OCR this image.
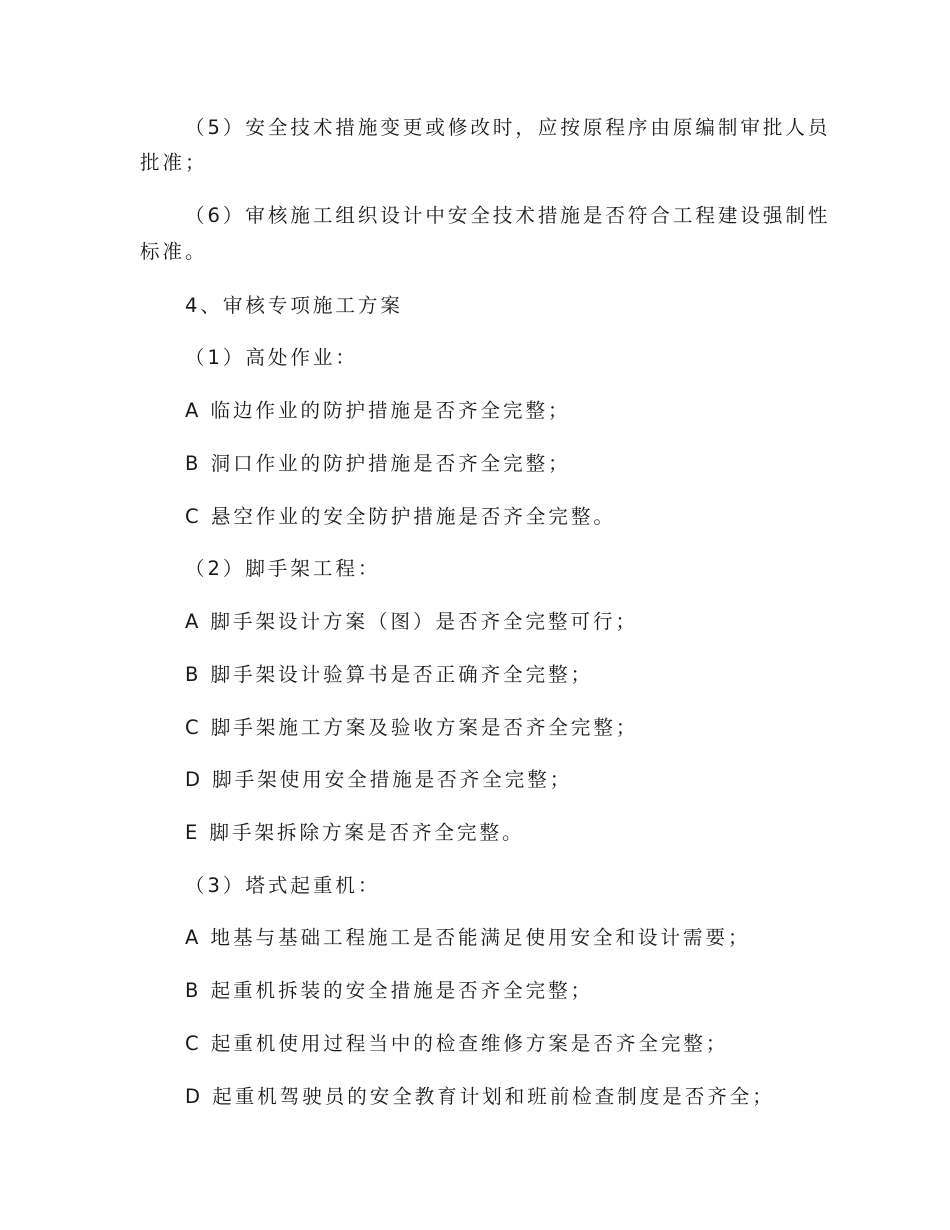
（5）安全技术措施变更或修改时，应按原程序由原编制审批人员
批准；
（6）审核施工组织设计中安全技术措施是否符合工程建设强制性
标准。
4、审核专项施工方案
（1）高处作业：
A 临边作业的防护措施是否齐全完整；
B 洞口作业的防护措施是否齐全完整；
C 悬空作业的安全防护措施是否齐全完整。
（2）脚手架工程：
A 脚手架设计方案（图）是否齐全完整可行；
B 脚手架设计验算书是否正确齐全完整；
C 脚手架施工方案及验收方案是否齐全完整；
D 脚手架使用安全措施是否齐全完整；
E 脚手架拆除方案是否齐全完整。
（3）塔式起重机：
A 地基与基础工程施工是否能满足使用安全和设计需要；
B 起重机拆装的安全措施是否齐全完整；
C 起重机使用过程当中的检查维修方案是否齐全完整；
D 起重机驾驶员的安全教育计划和班前检查制度是否齐全；
